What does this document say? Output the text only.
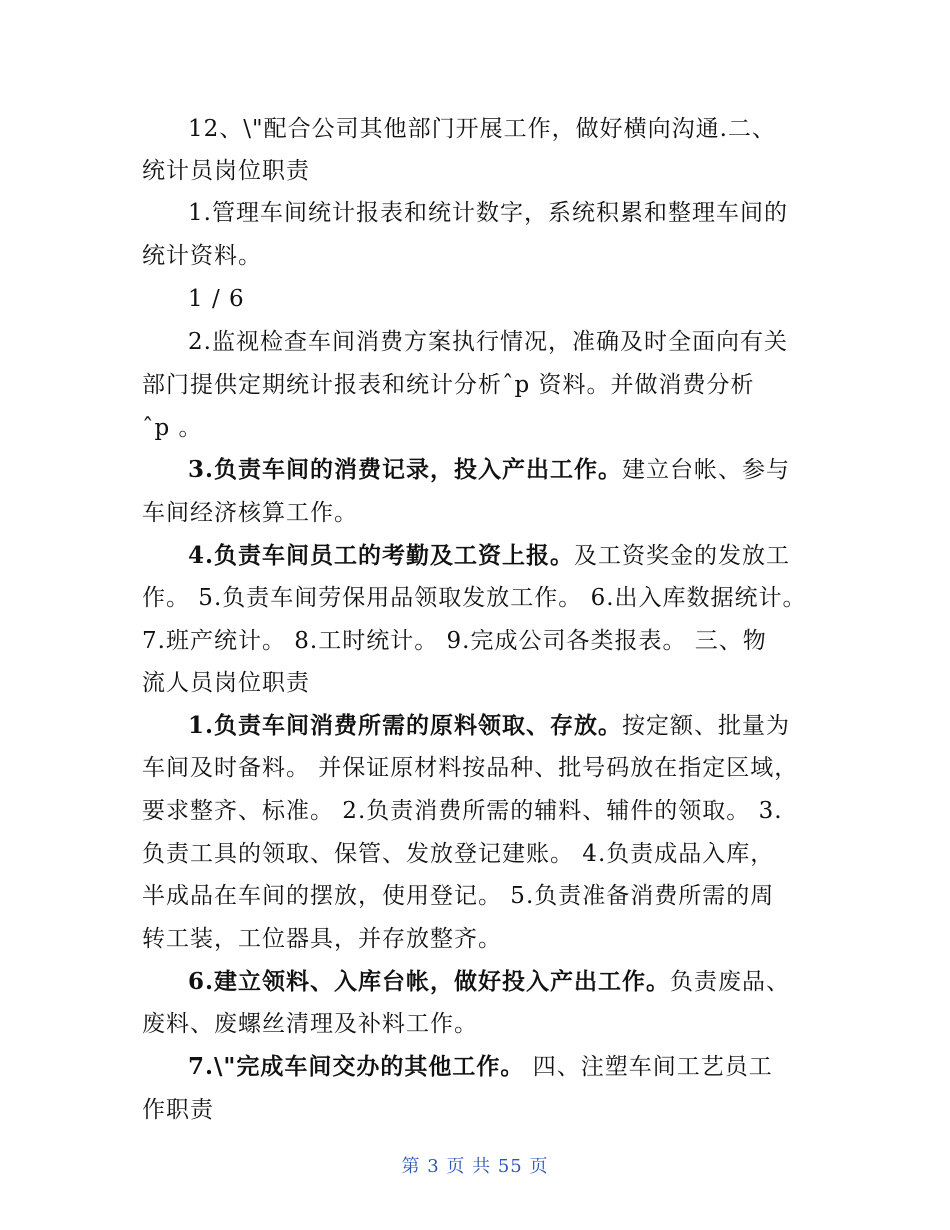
12、\"配合公司其他部门开展工作，做好横向沟通.二、
统计员岗位职责
1.管理车间统计报表和统计数字，系统积累和整理车间的
统计资料。
1 / 6
2.监视检查车间消费方案执行情况，准确及时全面向有关
部门提供定期统计报表和统计分析ˆp 资料。并做消费分析
ˆp 。
3.负责车间的消费记录，投入产出工作。建立台帐、参与
车间经济核算工作。
4.负责车间员工的考勤及工资上报。及工资奖金的发放工
作。 5.负责车间劳保用品领取发放工作。 6.出入库数据统计。
7.班产统计。 8.工时统计。 9.完成公司各类报表。 三、物
流人员岗位职责
1.负责车间消费所需的原料领取、存放。按定额、批量为
车间及时备料。 并保证原材料按品种、批号码放在指定区域，
要求整齐、标准。 2.负责消费所需的辅料、辅件的领取。 3.
负责工具的领取、保管、发放登记建账。 4.负责成品入库，
半成品在车间的摆放，使用登记。 5.负责准备消费所需的周
转工装，工位器具，并存放整齐。
6.建立领料、入库台帐，做好投入产出工作。负责废品、
废料、废螺丝清理及补料工作。
7.\"完成车间交办的其他工作。 四、注塑车间工艺员工
作职责
第 3 页 共 55 页
